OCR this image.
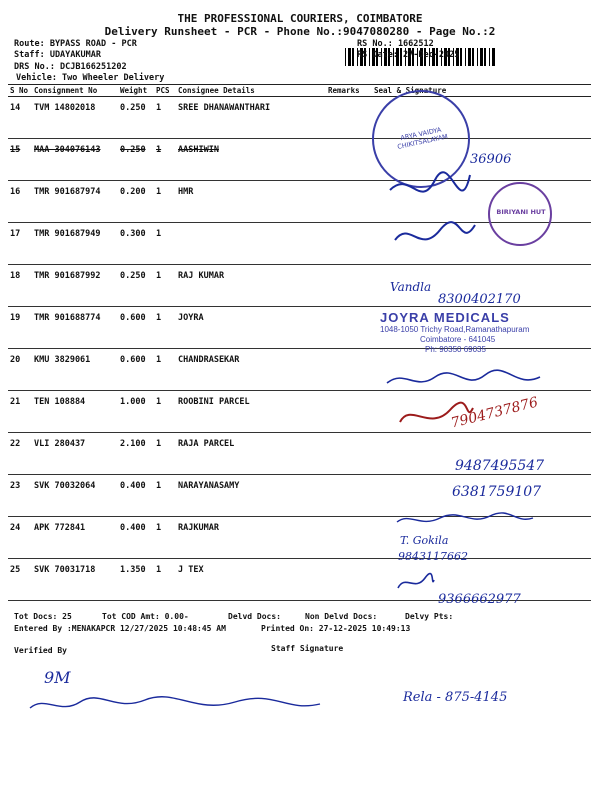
THE PROFESSIONAL COURIERS, COIMBATORE
Delivery Runsheet - PCR - Phone No.:9047080280 - Page No.:2
Route: BYPASS ROAD - PCR
Staff: UDAYAKUMAR
DRS No.: DCJB166251202
Vehicle: Two Wheeler Delivery
RS No.: 1662512
RS Date: 27-Dec-2025
S No	Consignment No	Weight	PCS	Consignee Details	Remarks	Seal & Signature
14	TVM 14802018	0.250	1	SREE DHANAWANTHARI		
15	MAA 304076143	0.250	1	AASHIWIN		
16	TMR 901687974	0.200	1	HMR		
17	TMR 901687949	0.300	1			
18	TMR 901687992	0.250	1	RAJ KUMAR		
19	TMR 901688774	0.600	1	JOYRA		
20	KMU 3829061	0.600	1	CHANDRASEKAR		
21	TEN 108884	1.000	1	ROOBINI PARCEL		
22	VLI 280437	2.100	1	RAJA PARCEL		
23	SVK 70032064	0.400	1	NARAYANASAMY		
24	APK 772841	0.400	1	RAJKUMAR		
25	SVK 70031718	1.350	1	J TEX		
Tot Docs: 25	Tot COD Amt: 0.00-	Delvd Docs:	Non Delvd Docs:	Delvy Pts:
Entered By :MENAKAPCR 12/27/2025 10:48:45 AM	Printed On: 27-12-2025 10:49:13
Verified By	Staff Signature
ARYA VAIDYA CHIKITSALAYAM
BIRIYANI HUT
JOYRA MEDICALS
1048-1050 Trichy Road,Ramanathapuram
Coimbatore - 641045
Ph: 90350 69035
36906
Vandla
8300402170
7904737876
9487495547
6381759107
T. Gokila
9843117662
9366662977
9M
Rela - 875-4145
